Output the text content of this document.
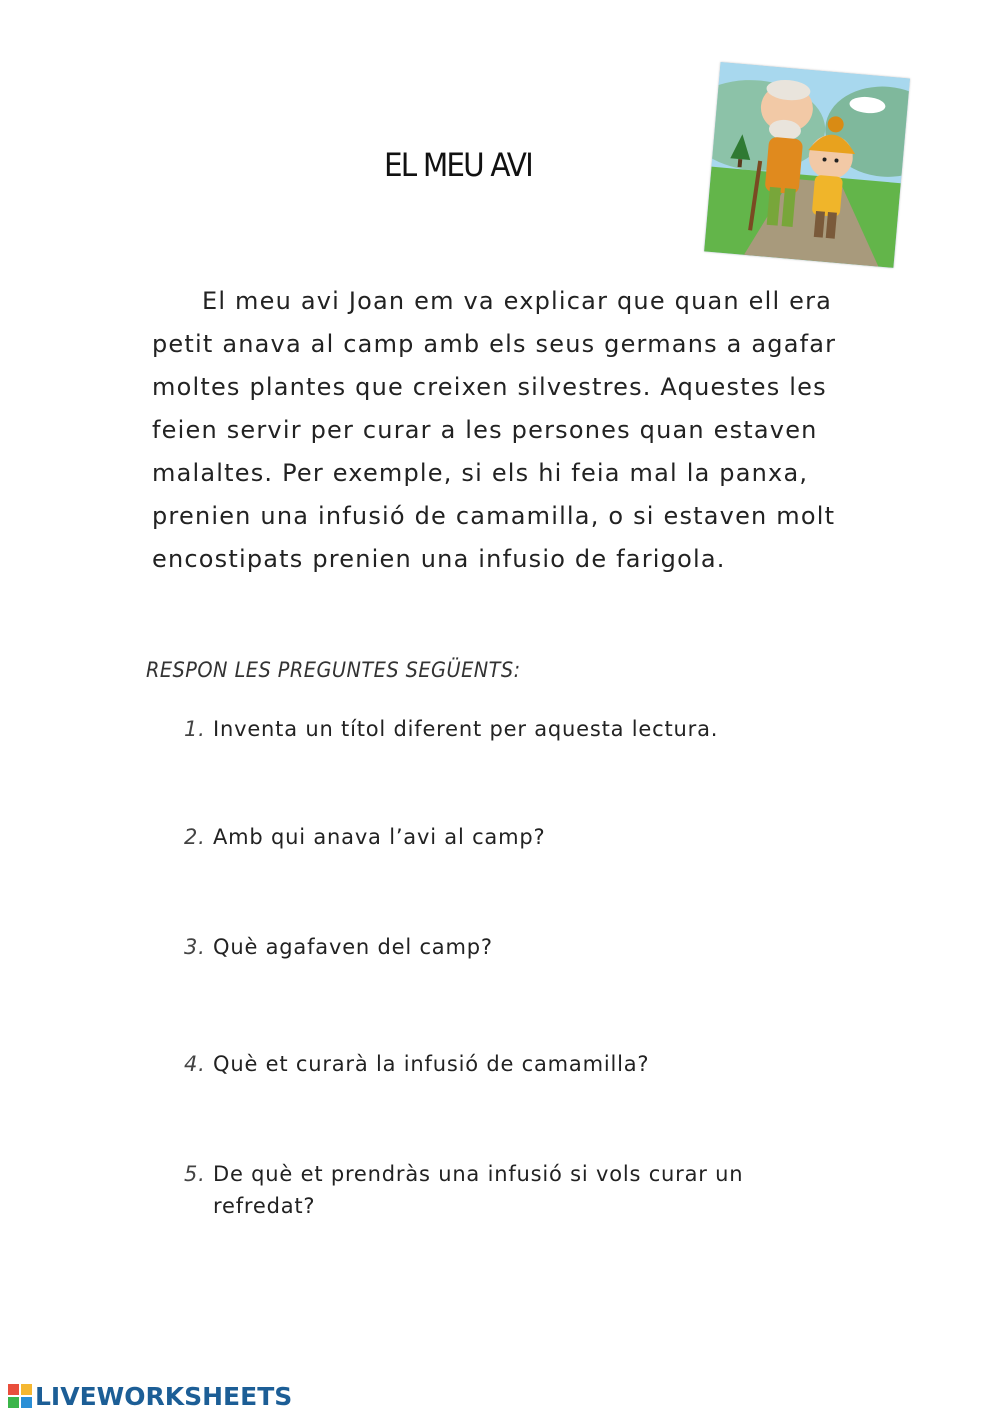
EL MEU AVI

El meu avi Joan em va explicar que quan ell era
petit anava al camp amb els seus germans a agafar
moltes plantes que creixen silvestres. Aquestes les
feien servir per curar a les persones quan estaven
malaltes. Per exemple, si els hi feia mal la panxa,
prenien una infusió de camamilla, o si estaven molt
encostipats prenien una infusio de farigola.

RESPON LES PREGUNTES SEGÜENTS:
1. Inventa un títol diferent per aquesta lectura.
2. Amb qui anava l’avi al camp?
3. Què agafaven del camp?
4. Què et curarà la infusió de camamilla?
5. De què et prendràs una infusió si vols curar un
refredat?
LIVEWORKSHEETS
